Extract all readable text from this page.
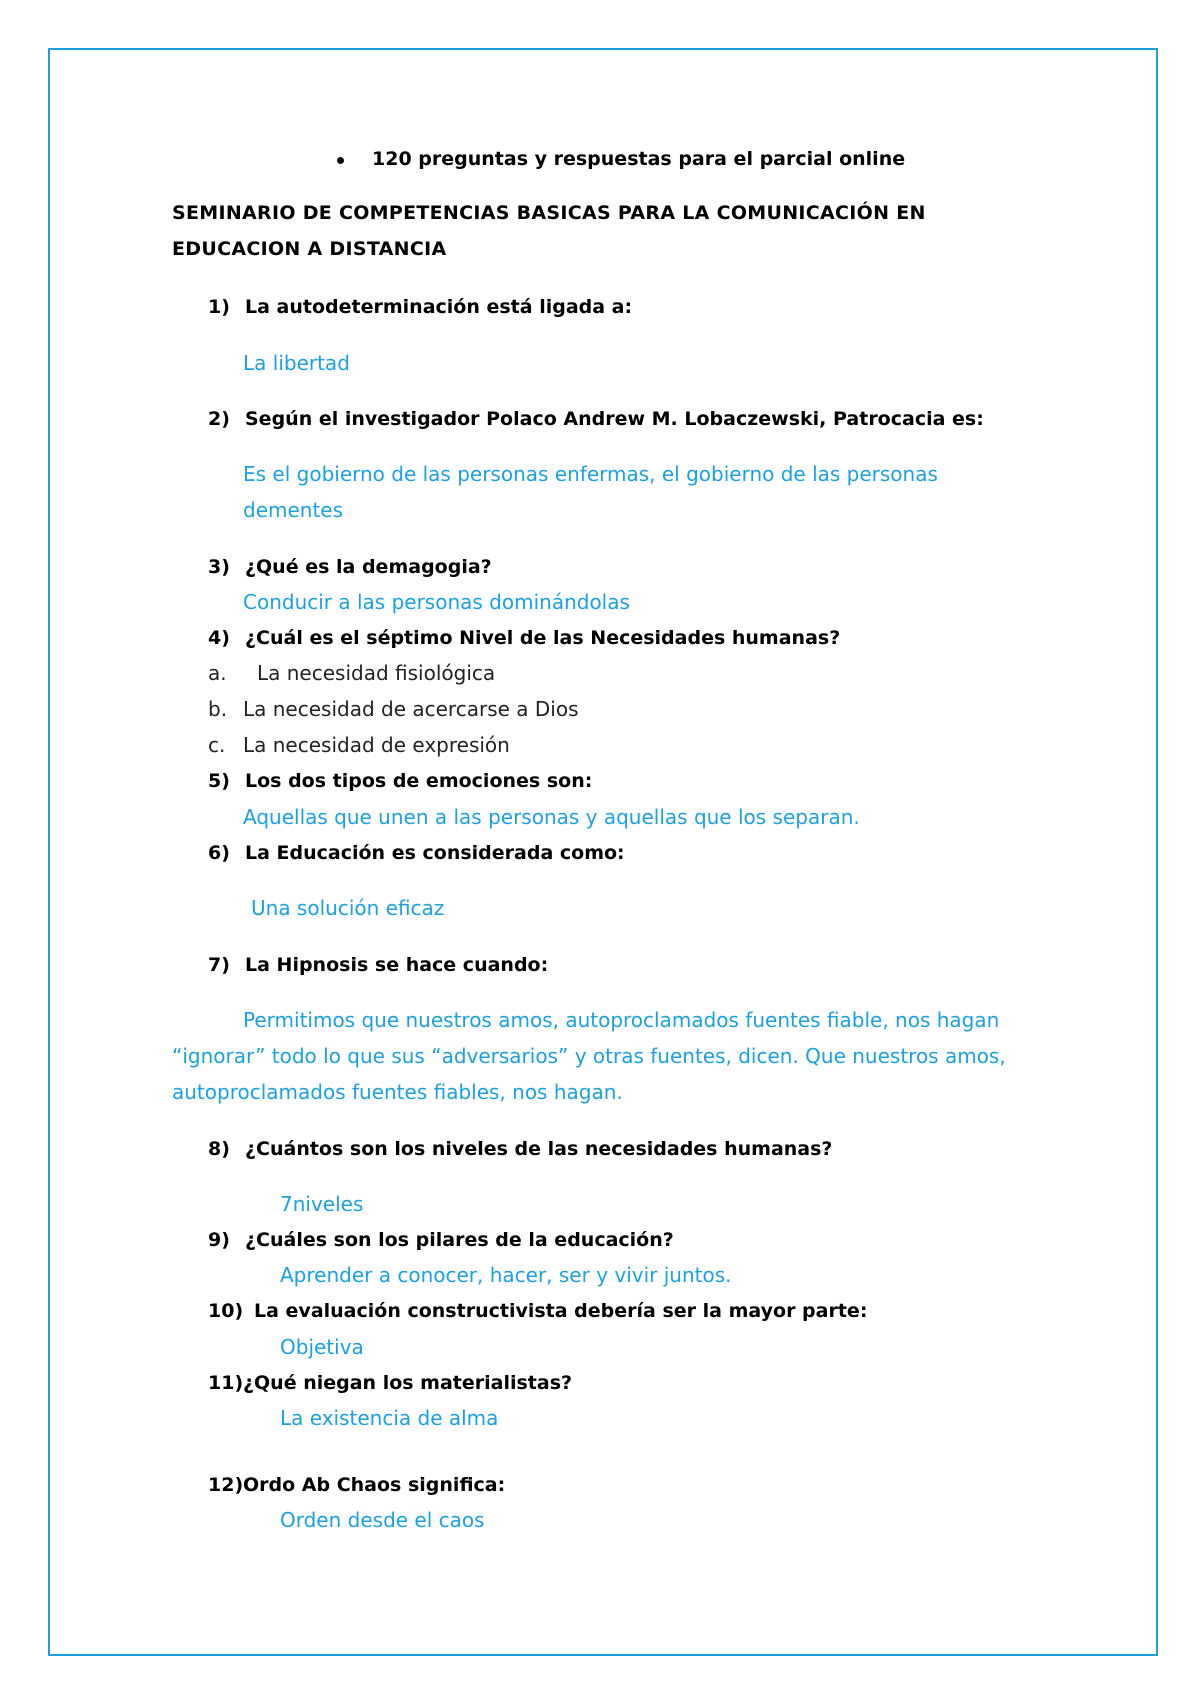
120 preguntas y respuestas para el parcial online
SEMINARIO DE COMPETENCIAS BASICAS PARA LA COMUNICACIÓN EN
EDUCACION A DISTANCIA
1) La autodeterminación está ligada a:
La libertad
2) Según el investigador Polaco Andrew M. Lobaczewski, Patrocacia es:
Es el gobierno de las personas enfermas, el gobierno de las personas
dementes
3) ¿Qué es la demagogia?
Conducir a las personas dominándolas
4) ¿Cuál es el séptimo Nivel de las Necesidades humanas?
a. La necesidad fisiológica
b. La necesidad de acercarse a Dios
c. La necesidad de expresión
5) Los dos tipos de emociones son:
Aquellas que unen a las personas y aquellas que los separan.
6) La Educación es considerada como:
Una solución eficaz
7) La Hipnosis se hace cuando:
Permitimos que nuestros amos, autoproclamados fuentes fiable, nos hagan
“ignorar” todo lo que sus “adversarios” y otras fuentes, dicen. Que nuestros amos,
autoproclamados fuentes fiables, nos hagan.
8) ¿Cuántos son los niveles de las necesidades humanas?
7niveles
9) ¿Cuáles son los pilares de la educación?
Aprender a conocer, hacer, ser y vivir juntos.
10) La evaluación constructivista debería ser la mayor parte:
Objetiva
11) ¿Qué niegan los materialistas?
La existencia de alma
12) Ordo Ab Chaos significa:
Orden desde el caos
